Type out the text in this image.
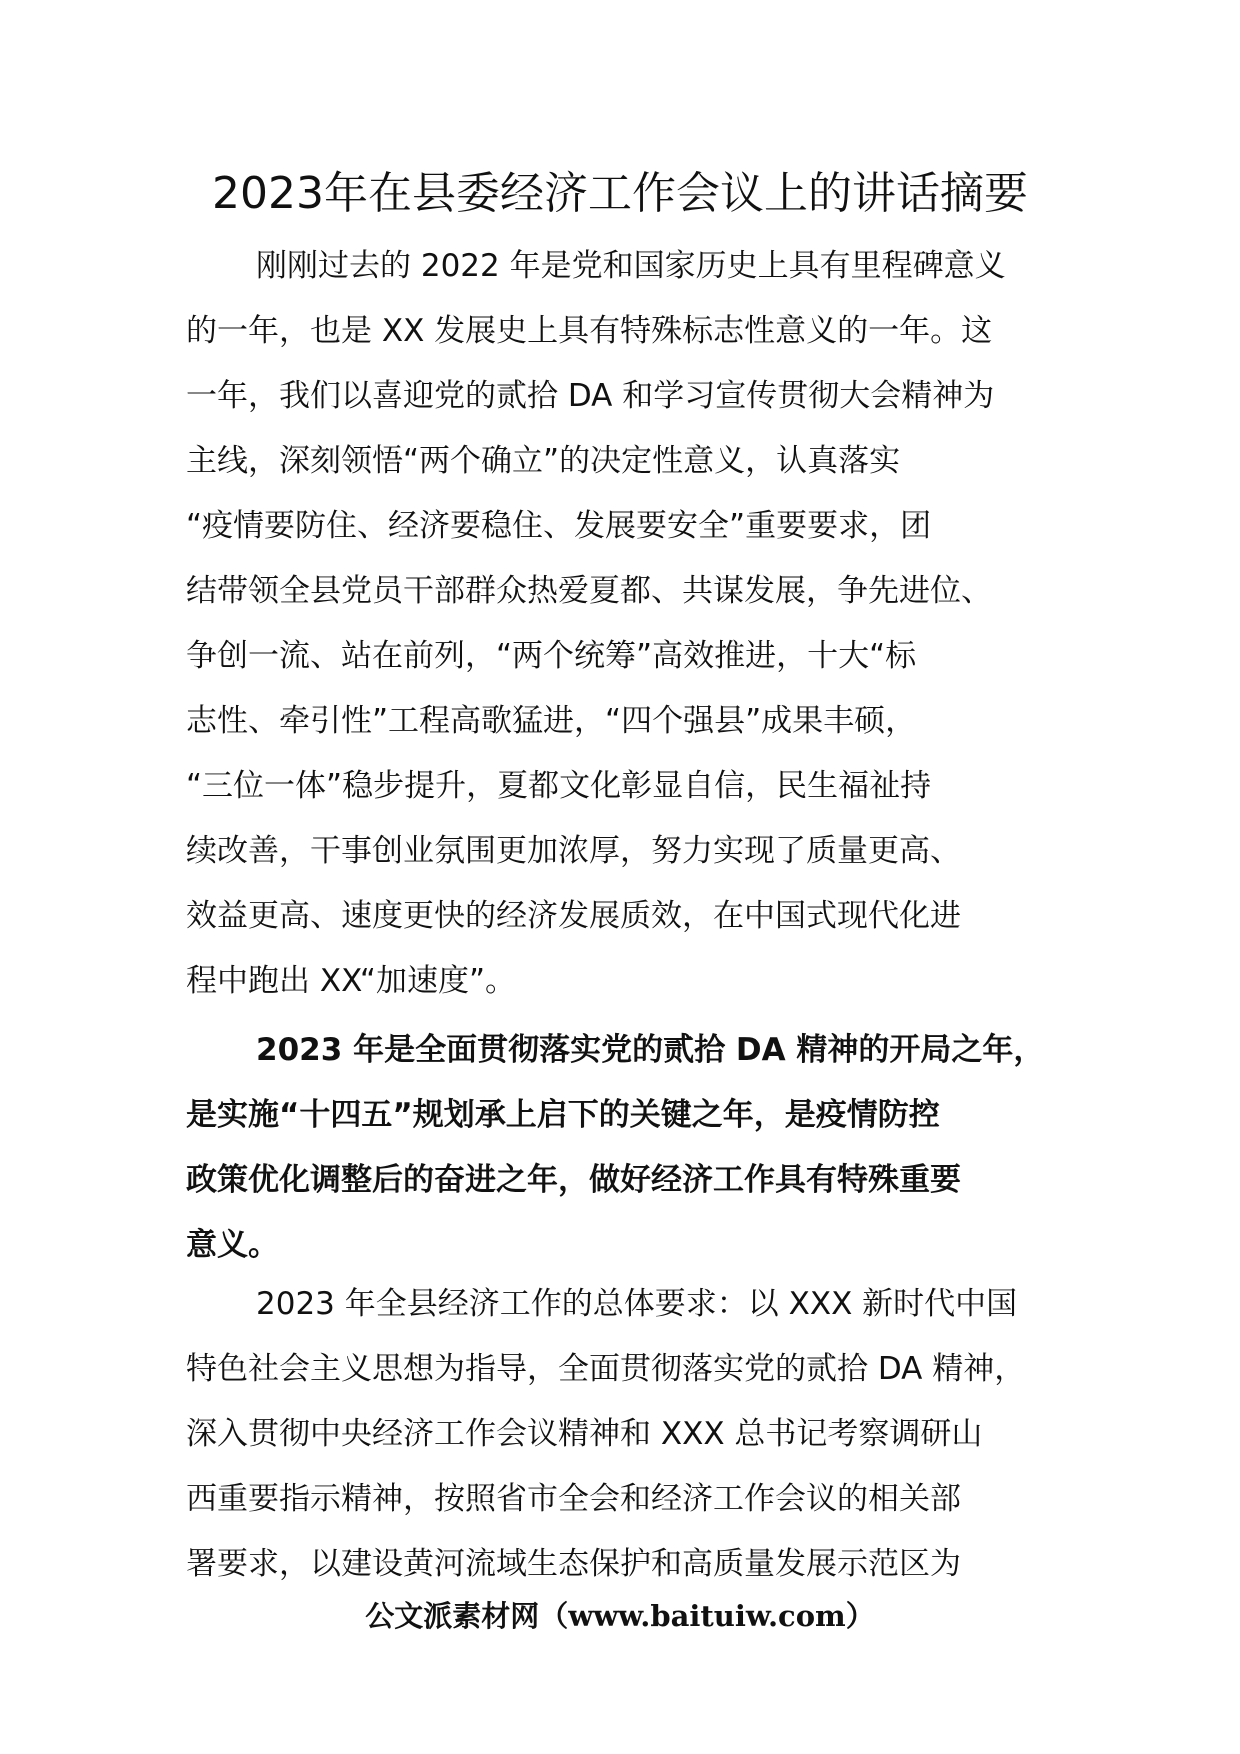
2023年在县委经济工作会议上的讲话摘要
刚刚过去的 2022 年是党和国家历史上具有里程碑意义
的一年，也是 XX 发展史上具有特殊标志性意义的一年。这
一年，我们以喜迎党的贰拾 DA 和学习宣传贯彻大会精神为
主线，深刻领悟“两个确立”的决定性意义，认真落实
“疫情要防住、经济要稳住、发展要安全”重要要求，团
结带领全县党员干部群众热爱夏都、共谋发展，争先进位、
争创一流、站在前列，“两个统筹”高效推进，十大“标
志性、牵引性”工程高歌猛进，“四个强县”成果丰硕，
“三位一体”稳步提升，夏都文化彰显自信，民生福祉持
续改善，干事创业氛围更加浓厚，努力实现了质量更高、
效益更高、速度更快的经济发展质效，在中国式现代化进
程中跑出 XX“加速度”。
2023 年是全面贯彻落实党的贰拾 DA 精神的开局之年，
是实施“十四五”规划承上启下的关键之年，是疫情防控
政策优化调整后的奋进之年，做好经济工作具有特殊重要
意义。
2023 年全县经济工作的总体要求：以 XXX 新时代中国
特色社会主义思想为指导，全面贯彻落实党的贰拾 DA 精神，
深入贯彻中央经济工作会议精神和 XXX 总书记考察调研山
西重要指示精神，按照省市全会和经济工作会议的相关部
署要求，以建设黄河流域生态保护和高质量发展示范区为
公文派素材网（www.baituiw.com）
